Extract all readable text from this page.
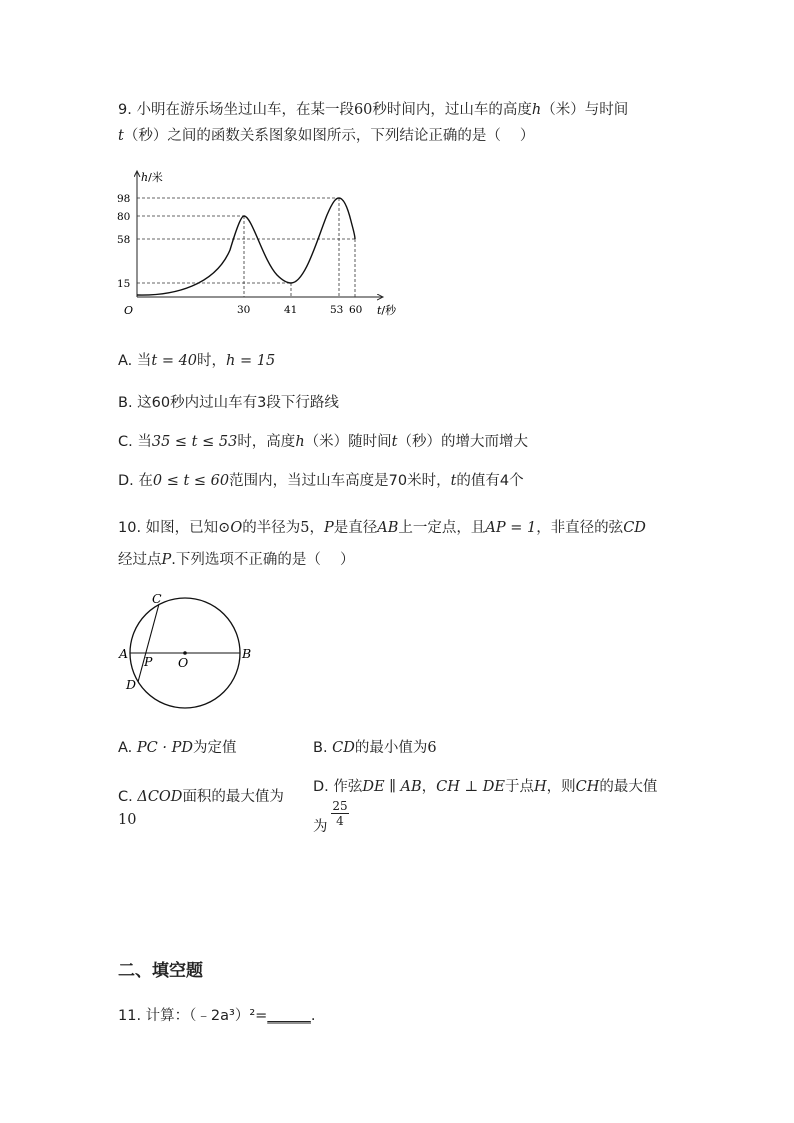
9. 小明在游乐场坐过山车，在某一段60秒时间内，过山车的高度h（米）与时间
t（秒）之间的函数关系图象如图所示，下列结论正确的是（　 ）
h/米
t/秒
O
98
80
58
15
30	41	53 60
A. 当t = 40时，h = 15
B. 这60秒内过山车有3段下行路线
C. 当35 ≤ t ≤ 53时，高度h（米）随时间t（秒）的增大而增大
D. 在0 ≤ t ≤ 60范围内，当过山车高度是70米时，t的值有4个
10. 如图，已知⊙O的半径为5，P是直径AB上一定点，且AP = 1，非直径的弦CD
经过点P.下列选项不正确的是（　 ）
C
A
P O
B
D
A. PC · PD为定值	B. CD的最小值为6
C. ΔCOD面积的最大值为
10
D. 作弦DE ∥ AB，CH ⊥ DE于点H，则CH的最大值
为
25
4
二、填空题
11. 计算：（﹣2a³）²=______.
